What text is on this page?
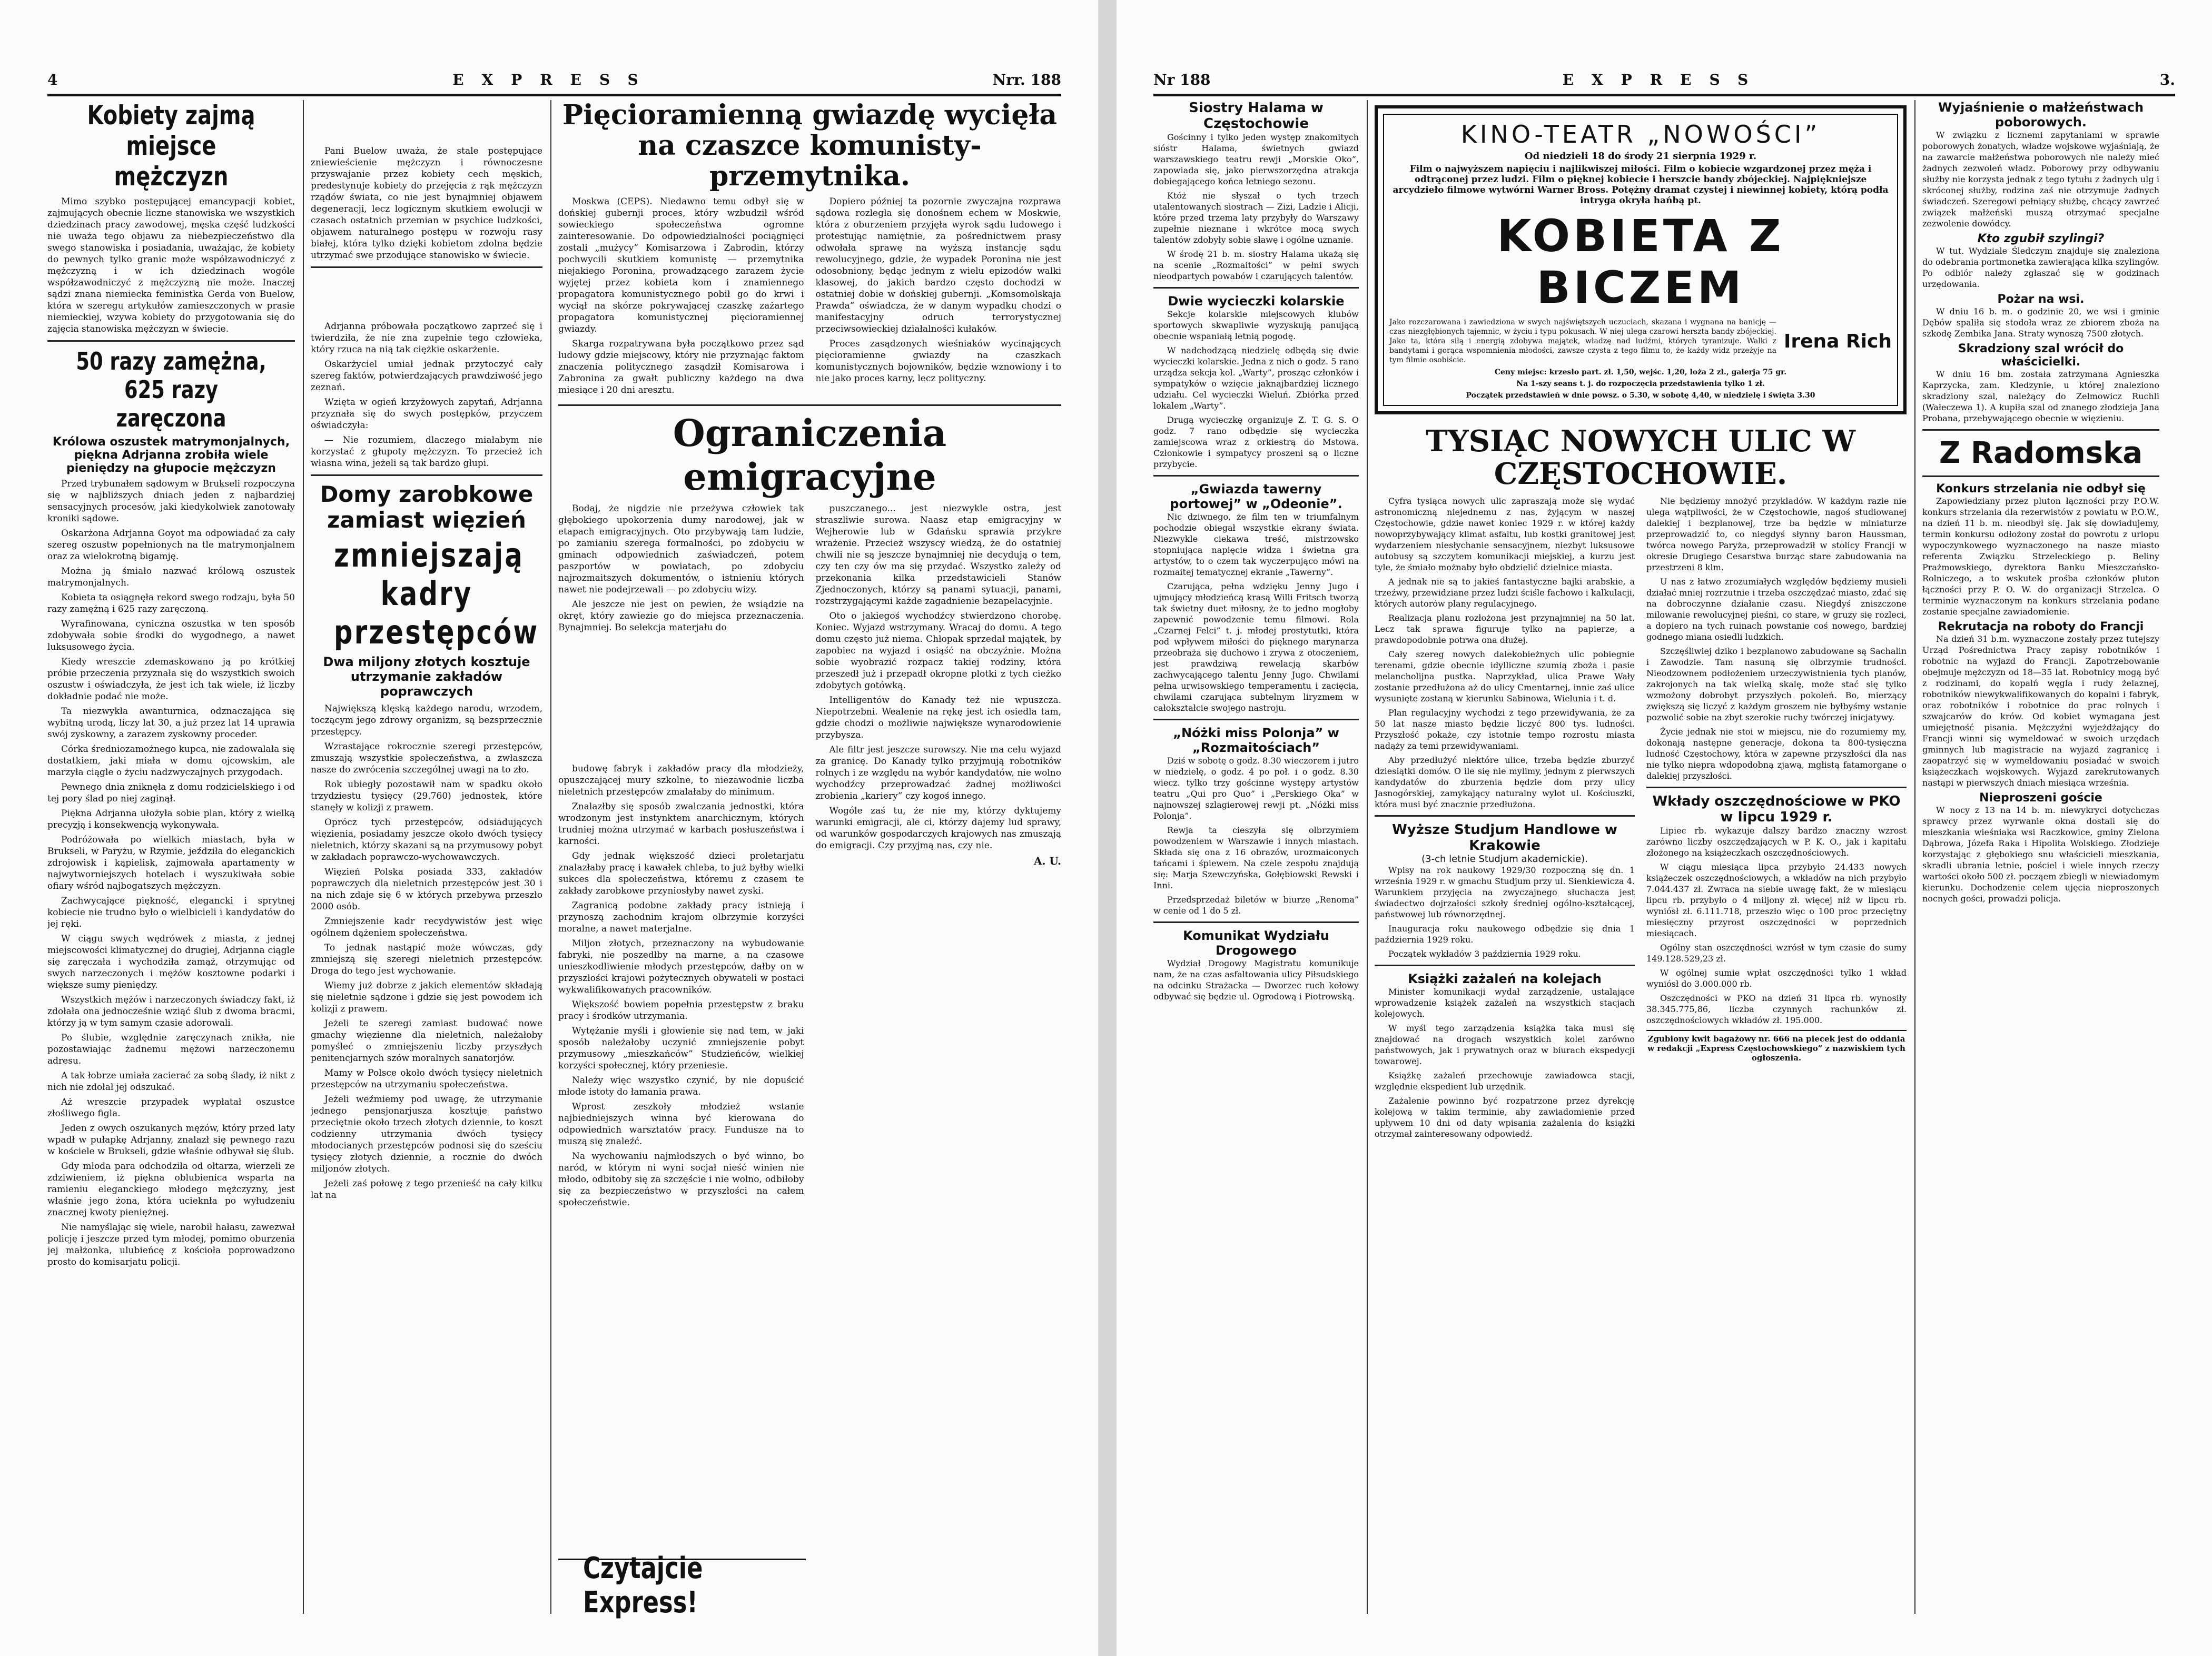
4	EXPRESS	Nrr. 188
Kobiety zajmą miejsce mężczyzn

Mimo szybko postępującej emancypacji kobiet, zajmujących obecnie liczne stanowiska we wszystkich dziedzinach pracy zawodowej, męska część ludzkości nie uważa tego objawu za niebezpieczeństwo dla swego stanowiska i posiadania, uważając, że kobiety do pewnych tylko granic może współzawodniczyć z mężczyzną i w ich dziedzinach wogóle współzawodniczyć z mężczyzną nie może. Inaczej sądzi znana niemiecka feministka Gerda von Buelow, która w szeregu artykułów zamieszczonych w prasie niemieckiej, wzywa kobiety do przygotowania się do zajęcia stanowiska mężczyzn w świecie.

50 razy zamężna, 625 razy zaręczona
Królowa oszustek matrymonjalnych, piękna Adrjanna zrobiła wiele pieniędzy na głupocie mężczyzn

Przed trybunałem sądowym w Brukseli rozpoczyna się w najbliższych dniach jeden z najbardziej sensacyjnych procesów, jaki kiedykolwiek zanotowały kroniki sądowe.

Oskarżona Adrjanna Goyot ma odpowiadać za cały szereg oszustw popełnionych na tle matrymonjalnem oraz za wielokrotną bigamję.

Można ją śmiało nazwać królową oszustek matrymonjalnych.

Kobieta ta osiągnęła rekord swego rodzaju, była 50 razy zamężną i 625 razy zaręczoną.

Wyrafinowana, cyniczna oszustka w ten sposób zdobywała sobie środki do wygodnego, a nawet luksusowego życia.

Kiedy wreszcie zdemaskowano ją po krótkiej próbie przeczenia przyznała się do wszystkich swoich oszustw i oświadczyła, że jest ich tak wiele, iż liczby dokładnie podać nie może.

Ta niezwykła awanturnica, odznaczająca się wybitną urodą, liczy lat 30, a już przez lat 14 uprawia swój zyskowny, a zarazem zyskowny proceder.

Córka średniozamożnego kupca, nie zadowalała się dostatkiem, jaki miała w domu ojcowskim, ale marzyła ciągle o życiu nadzwyczajnych przygodach.

Pewnego dnia zniknęła z domu rodzicielskiego i od tej pory ślad po niej zaginął.

Piękna Adrjanna ułożyła sobie plan, który z wielką precyzją i konsekwencją wykonywała.

Podróżowała po wielkich miastach, była w Brukseli, w Paryżu, w Rzymie, jeździła do eleganckich zdrojowisk i kąpielisk, zajmowała apartamenty w najwytworniejszych hotelach i wyszukiwała sobie ofiary wśród najbogatszych mężczyzn.

Zachwycające piękność, elegancki i sprytnej kobiecie nie trudno było o wielbicieli i kandydatów do jej ręki.

W ciągu swych wędrówek z miasta, z jednej miejscowości klimatycznej do drugiej, Adrjanna ciągle się zaręczała i wychodziła zamąż, otrzymując od swych narzeczonych i mężów kosztowne podarki i większe sumy pieniędzy.

Wszystkich mężów i narzeczonych świadczy fakt, iż zdołała ona jednocześnie wziąć ślub z dwoma bracmi, którzy ją w tym samym czasie adorowali.

Po ślubie, względnie zaręczynach znikła, nie pozostawiając żadnemu mężowi narzeczonemu adresu.

A tak łobrze umiała zacierać za sobą ślady, iż nikt z nich nie zdołał jej odszukać.

Aż wreszcie przypadek wypłatał oszustce złośliwego figla.

Jeden z owych oszukanych mężów, który przed laty wpadł w pułapkę Adrjanny, znalazł się pewnego razu w kościele w Brukseli, gdzie właśnie odbywał się ślub.

Gdy młoda para odchodziła od ołtarza, wierzeli ze zdziwieniem, iż piękna oblubienica wsparta na ramieniu eleganckiego młodego mężczyzny, jest właśnie jego żona, która ucieknła po wyłudzeniu znacznej kwoty pieniężnej.

Nie namyślając się wiele, narobił hałasu, zawezwał policję i jeszcze przed tym młodej, pomimo oburzenia jej małżonka, ulubieńcę z kościoła poprowadzono prosto do komisarjatu policji.

Pani Buelow uważa, że stale postępujące zniewieścienie mężczyzn i równoczesne przyswajanie przez kobiety cech męskich, predestynuje kobiety do przejęcia z rąk mężczyzn rządów świata, co nie jest bynajmniej objawem degeneracji, lecz logicznym skutkiem ewolucji w czasach ostatnich przemian w psychice ludzkości, objawem naturalnego postępu w rozwoju rasy białej, która tylko dzięki kobietom zdolna będzie utrzymać swe przodujące stanowisko w świecie.

Adrjanna próbowała początkowo zaprzeć się i twierdziła, że nie zna zupełnie tego człowieka, który rzuca na nią tak ciężkie oskarżenie.

Oskarżyciel umiał jednak przytoczyć cały szereg faktów, potwierdzających prawdziwość jego zeznań.

Wzięta w ogień krzyżowych zapytań, Adrjanna przyznała się do swych postępków, przyczem oświadczyła:

— Nie rozumiem, dlaczego miałabym nie korzystać z głupoty mężczyzn. To przecież ich własna wina, jeżeli są tak bardzo głupi.

Domy zarobkowe zamiast więzień
zmniejszają kadry przestępców
Dwa miljony złotych kosztuje utrzymanie zakładów poprawczych

Największą klęską każdego narodu, wrzodem, toczącym jego zdrowy organizm, są bezsprzecznie przestępcy.

Wzrastające rokrocznie szeregi przestępców, zmuszają wszystkie społeczeństwa, a zwłaszcza nasze do zwrócenia szczególnej uwagi na to zło.

Rok ubiegły pozostawił nam w spadku około trzydziestu tysięcy (29.760) jednostek, które stanęły w kolizji z prawem.

Oprócz tych przestępców, odsiadujących więzienia, posiadamy jeszcze około dwóch tysięcy nieletnich, którzy skazani są na przymusowy pobyt w zakładach poprawczo-wychowawczych.

Więzień Polska posiada 333, zakładów poprawczych dla nieletnich przestępców jest 30 i na nich zdaje się 6 w których przebywa przeszło 2000 osób.

Zmniejszenie kadr recydywistów jest więc ogólnem dążeniem społeczeństwa.

To jednak nastąpić może wówczas, gdy zmniejszą się szeregi nieletnich przestępców. Droga do tego jest wychowanie.

Wiemy już dobrze z jakich elementów składają się nieletnie sądzone i gdzie się jest powodem ich kolizji z prawem.

Jeżeli te szeregi zamiast budować nowe gmachy więzienne dla nieletnich, należałoby pomyśleć o zmniejszeniu liczby przyszłych penitencjarnych szów moralnych sanatorjów.

Mamy w Polsce około dwóch tysięcy nieletnich przestępców na utrzymaniu społeczeństwa.

Jeżeli weźmiemy pod uwagę, że utrzymanie jednego pensjonarjusza kosztuje państwo przeciętnie około trzech złotych dziennie, to koszt codzienny utrzymania dwóch tysięcy młodocianych przestępców podnosi się do sześciu tysięcy złotych dziennie, a rocznie do dwóch miljonów złotych.

Jeżeli zaś połowę z tego przenieść na cały kilku lat na

Pięcioramienną gwiazdę wycięła na czaszce komunisty-przemytnika.

Moskwa (CEPS). Niedawno temu odbył się w dońskiej gubernji proces, który wzbudził wśród sowieckiego społeczeństwa ogromne zainteresowanie. Do odpowiedzialności pociągnięci zostali „mużycy” Komisarzowa i Zabrodin, którzy pochwycili skutkiem komunistę — przemytnika niejakiego Poronina, prowadzącego zarazem życie wyjętej przez kobieta kom i znamiennego propagatora komunistycznego pobił go do krwi i wyciął na skórze pokrywającej czaszkę zażartego propagatora komunistycznej pięcioramiennej gwiazdy.

Skarga rozpatrywana była początkowo przez sąd ludowy gdzie miejscowy, który nie przyznając faktom znaczenia politycznego zasądził Komisarowa i Zabronina za gwałt publiczny każdego na dwa miesiące i 20 dni aresztu.

Dopiero później ta pozornie zwyczajna rozprawa sądowa rozległa się donośnem echem w Moskwie, która z oburzeniem przyjęła wyrok sądu ludowego i protestując namiętnie, za pośrednictwem prasy odwołała sprawę na wyższą instancję sądu rewolucyjnego, gdzie, że wypadek Poronina nie jest odosobniony, będąc jednym z wielu epizodów walki klasowej, do jakich bardzo często dochodzi w ostatniej dobie w dońskiej gubernji. „Komsomolskaja Prawda” oświadcza, że w danym wypadku chodzi o manifestacyjny odruch terrorystycznej przeciwsowieckiej działalności kułaków.

Proces zasądzonych wieśniaków wycinających pięcioramienne gwiazdy na czaszkach komunistycznych bojowników, będzie wznowiony i to nie jako proces karny, lecz polityczny.

Ograniczenia emigracyjne

Bodaj, że nigdzie nie przeżywa człowiek tak głębokiego upokorzenia dumy narodowej, jak w etapach emigracyjnych. Oto przybywają tam ludzie, po zamianiu szerega formalności, po zdobyciu w gminach odpowiednich zaświadczeń, potem paszportów w powiatach, po zdobyciu najrozmaitszych dokumentów, o istnieniu których nawet nie podejrzewali — po zdobyciu wizy.

Ale jeszcze nie jest on pewien, że wsiądzie na okręt, który zawiezie go do miejsca przeznaczenia. Bynajmniej. Bo selekcja materjału do

budowę fabryk i zakładów pracy dla młodzieży, opuszczającej mury szkolne, to niezawodnie liczba nieletnich przestępców zmalałaby do minimum.

Znalazłby się sposób zwalczania jednostki, która wrodzonym jest instynktem anarchicznym, których trudniej można utrzymać w karbach posłuszeństwa i karności.

Gdy jednak większość dzieci proletarjatu znalazłaby pracę i kawałek chleba, to już byłby wielki sukces dla społeczeństwa, któremu z czasem te zakłady zarobkowe przyniosłyby nawet zyski.

Zagranicą podobne zakłady pracy istnieją i przynoszą zachodnim krajom olbrzymie korzyści moralne, a nawet materjalne.

Miljon złotych, przeznaczony na wybudowanie fabryki, nie poszedłby na marne, a na czasowe unieszkodliwienie młodych przestępców, dałby on w przyszłości krajowi pożytecznych obywateli w postaci wykwalifikowanych pracowników.

Większość bowiem popełnia przestępstw z braku pracy i środków utrzymania.

Wytężanie myśli i głowienie się nad tem, w jaki sposób należałoby uczynić zmniejszenie pobyt przymusowy „mieszkańców” Studzieńców, wielkiej korzyści społecznej, który przeniesie.

Należy więc wszystko czynić, by nie dopuścić młode istoty do łamania prawa.

Wprost zeszkoły młodzież wstanie najbiedniejszych winna być kierowana do odpowiednich warsztatów pracy. Fundusze na to muszą się znaleźć.

Na wychowaniu najmłodszych o być winno, bo naród, w którym ni wyni socjał nieść winien nie młodo, odbitoby się za szczęście i nie wolno, odbiłoby się za bezpieczeństwo w przyszłości na całem społeczeństwie.

puszczanego... jest niezwykle ostra, jest straszliwie surowa. Naasz etap emigracyjny w Wejherowie lub w Gdańsku sprawia przykre wrażenie. Przecież wszyscy wiedzą, że do ostatniej chwili nie są jeszcze bynajmniej nie decydują o tem, czy ten czy ów ma się przydać. Wszystko zależy od przekonania kilka przedstawicieli Stanów Zjednoczonych, którzy są panami sytuacji, panami, rozstrzygającymi każde zagadnienie bezapelacyjnie.

Oto o jakiegoś wychodźcy stwierdzono chorobę. Koniec. Wyjazd wstrzymany. Wracaj do domu. A tego domu często już niema. Chłopak sprzedał majątek, by zapobiec na wyjazd i osiąść na obczyźnie. Można sobie wyobrazić rozpacz takiej rodziny, która przeszedł już i przepadł okropne plotki z tych cieżko zdobytych gotówką.

Intelligentów do Kanady też nie wpuszcza. Niepotrzebni. Wealenie na rękę jest ich osiedla tam, gdzie chodzi o możliwie największe wynarodowienie przybysza.

Ale filtr jest jeszcze surowszy. Nie ma celu wyjazd za granicę. Do Kanady tylko przyjmują robotników rolnych i ze względu na wybór kandydatów, nie wolno wychodźcy przeprowadzać żadnej możliwości zrobienia „kariery” czy kogoś innego.

Wogóle zaś tu, że nie my, którzy dyktujemy warunki emigracji, ale ci, którzy dajemy lud sprawy, od warunków gospodarczych krajowych nas zmuszają do emigracji. Czy przyjmą nas, czy nie.

A. U.
Czytajcie Express!
Nr 188	EXPRESS	3.
Siostry Halama w Częstochowie

Gościnny i tylko jeden występ znakomitych sióstr Halama, świetnych gwiazd warszawskiego teatru rewji „Morskie Oko”, zapowiada się, jako pierwszorzędna atrakcja dobiegającego końca letniego sezonu.

Któż nie słyszał o tych trzech utalentowanych siostrach — Zizi, Ladzie i Alicji, które przed trzema laty przybyły do Warszawy zupełnie nieznane i wkrótce mocą swych talentów zdobyły sobie sławę i ogólne uznanie.

W środę 21 b. m. siostry Halama ukażą się na scenie „Rozmaitości” w pełni swych nieodpartych powabów i czarujących talentów.

Dwie wycieczki kolarskie

Sekcje kolarskie miejscowych klubów sportowych skwapliwie wyzyskują panującą obecnie wspaniałą letnią pogodę.

W nadchodzącą niedzielę odbędą się dwie wycieczki kolarskie. Jedna z nich o godz. 5 rano urządza sekcja kol. „Warty”, prosząc członków i sympatyków o wzięcie jaknajbardziej licznego udziału. Cel wycieczki Wieluń. Zbiórka przed lokalem „Warty”.

Drugą wycieczkę organizuje Z. T. G. S. O godz. 7 rano odbędzie się wycieczka zamiejscowa wraz z orkiestrą do Mstowa. Członkowie i sympatycy proszeni są o liczne przybycie.

„Gwiazda tawerny portowej” w „Odeonie”.

Nic dziwnego, że film ten w triumfalnym pochodzie obiegał wszystkie ekrany świata. Niezwykle ciekawa treść, mistrzowsko stopniująca napięcie widza i świetna gra artystów, to o czem tak wyczerpująco mówi na rozmaitej tematycznej ekranie „Tawerny”.

Czarująca, pełna wdzięku Jenny Jugo i ujmujący młodzieńcą krasą Willi Fritsch tworzą tak świetny duet miłosny, że to jedno mogłoby zapewnić powodzenie temu filmowi. Rola „Czarnej Felci” t. j. młodej prostytutki, która pod wpływem miłości do pięknego marynarza przeobraża się duchowo i zrywa z otoczeniem, jest prawdziwą rewelacją skarbów zachwycającego talentu Jenny Jugo. Chwilami pełna urwisowskiego temperamentu i zacięcia, chwilami czarująca subtelnym liryzmem w całokształcie swojego nastroju.

„Nóżki miss Polonja” w „Rozmaitościach”

Dziś w sobotę o godz. 8.30 wieczorem i jutro w niedzielę, o godz. 4 po poł. i o godz. 8.30 wiecz. tylko trzy gościnne występy artystów teatru „Qui pro Quo” i „Perskiego Oka” w najnowszej szlagierowej rewji pt. „Nóżki miss Polonja”.

Rewja ta cieszyła się olbrzymiem powodzeniem w Warszawie i innych miastach. Składa się ona z 16 obrazów, urozmaiconych tańcami i śpiewem. Na czele zespołu znajdują się: Marja Szewczyńska, Gołębiowski Rewski i Inni.

Przedsprzedaż biletów w biurze „Renoma” w cenie od 1 do 5 zł.

Komunikat Wydziału Drogowego

Wydział Drogowy Magistratu komunikuje nam, że na czas asfaltowania ulicy Piłsudskiego na odcinku Strażacka — Dworzec ruch kołowy odbywać się będzie ul. Ogrodową i Piotrowską.

KINO-TEATR „NOWOŚCI”
Od niedzieli 18 do środy 21 sierpnia 1929 r.
Film o najwyższem napięciu i najlikwiszej miłości. Film o kobiecie wzgardzonej przez męża i odtrąconej przez ludzi. Film o pięknej kobiecie i herszcie bandy zbójeckiej. Najpiękniejsze arcydzieło filmowe wytwórni Warner Bross. Potężny dramat czystej i niewinnej kobiety, którą podła intryga okryła hańbą pt.
KOBIETA Z BICZEM
Jako rozczarowana i zawiedziona w swych najświętszych uczuciach, skazana i wygnana na banicję — czas niezgłębionych tajemnic, w życiu i typu pokusach. W niej ulega czarowi herszta bandy zbójeckiej. Jako ta, która siłą i energią zdobywa majątek, władzę nad ludźmi, których tyranizuje. Walki z bandytami i gorąca wspomnienia młodości, zawsze czysta z tego filmu to, że każdy widz przeżyje na tym filmie osobiście.
Irena Rich
Ceny miejsc: krzesło part. zł. 1,50, wejśc. 1,20, loża 2 zł., galerja 75 gr.
Na 1-szy seans t. j. do rozpoczęcia przedstawienia tylko 1 zł.
Początek przedstawień w dnie powsz. o 5.30, w sobotę 4,40, w niedzielę i święta 3.30
TYSIĄC NOWYCH ULIC W CZĘSTOCHOWIE.

Cyfra tysiąca nowych ulic zapraszają może się wydać astronomiczną niejednemu z nas, żyjącym w naszej Częstochowie, gdzie nawet koniec 1929 r. w której każdy nowoprzybywający klimat asfaltu, lub kostki granitowej jest wydarzeniem niesłychanie sensacyjnem, niezbyt luksusowe autobusy są szczytem komunikacji miejskiej, a kurzu jest tyle, że śmiało możnaby było obdzielić dzielnice miasta.

A jednak nie są to jakieś fantastyczne bajki arabskie, a trzeźwy, przewidziane przez ludzi ściśle fachowo i kalkulacji, których autorów plany regulacyjnego.

Realizacja planu rozłożona jest przynajmniej na 50 lat. Lecz tak sprawa figuruje tylko na papierze, a prawdopodobnie potrwa ona dłużej.

Cały szereg nowych dalekobieżnych ulic pobiegnie terenami, gdzie obecnie idylliczne szumią zboża i pasie melancholijna pustka. Naprzykład, ulica Prawe Wały zostanie przedłużona aż do ulicy Cmentarnej, innie zaś ulice wysunięte zostaną w kierunku Sabinowa, Wielunia i t. d.

Plan regulacyjny wychodzi z tego przewidywania, że za 50 lat nasze miasto będzie liczyć 800 tys. ludności. Przyszłość pokaże, czy istotnie tempo rozrostu miasta nadąży za temi przewidywaniami.

Aby przedłużyć niektóre ulice, trzeba będzie zburzyć dziesiątki domów. O ile się nie mylimy, jednym z pierwszych kandydatów do zburzenia będzie dom przy ulicy Jasnogórskiej, zamykający naturalny wylot ul. Kościuszki, która musi być znacznie przedłużona.

Wyższe Studjum Handlowe w Krakowie
(3-ch letnie Studjum akademickie).

Wpisy na rok naukowy 1929/30 rozpoczną się dn. 1 września 1929 r. w gmachu Studjum przy ul. Sienkiewicza 4. Warunkiem przyjęcia na zwyczajnego słuchacza jest świadectwo dojrzałości szkoły średniej ogólno-kształcącej, państwowej lub równorzędnej.

Inauguracja roku naukowego odbędzie się dnia 1 październia 1929 roku.

Początek wykładów 3 październia 1929 roku.

Książki zażaleń na kolejach

Minister komunikacji wydał zarządzenie, ustalające wprowadzenie książek zażaleń na wszystkich stacjach kolejowych.

W myśl tego zarządzenia książka taka musi się znajdować na drogach wszystkich kolei zarówno państwowych, jak i prywatnych oraz w biurach ekspedycji towarowej.

Książkę zażaleń przechowuje zawiadowca stacji, względnie ekspedient lub urzędnik.

Zażalenie powinno być rozpatrzone przez dyrekcję kolejową w takim terminie, aby zawiadomienie przed upływem 10 dni od daty wpisania zażalenia do książki otrzymał zainteresowany odpowiedź.

Nie będziemy mnożyć przykładów. W każdym razie nie ulega wątpliwości, że w Częstochowie, nagoś studiowanej dalekiej i bezplanowej, trze ba będzie w miniaturze przeprowadzić to, co niegdyś słynny baron Haussman, twórca nowego Paryża, przeprowadził w stolicy Francji w okresie Drugiego Cesarstwa burząc stare zabudowania na przestrzeni 8 klm.

U nas z łatwo zrozumiałych względów będziemy musieli działać mniej rozrzutnie i trzeba oszczędzać miasto, zdać się na dobroczynne działanie czasu. Niegdyś zniszczone milowanie rewolucyjnej pieśni, co stare, w gruzy się rozleci, a dopiero na tych ruinach powstanie coś nowego, bardziej godnego miana osiedli ludzkich.

Szczęśliwiej dziko i bezplanowo zabudowane są Sachalin i Zawodzie. Tam nasuną się olbrzymie trudności. Nieodzownem podłożeniem urzeczywistnienia tych planów, zakrojonych na tak wielką skalę, może stać się tylko wzmożony dobrobyt przyszłych pokoleń. Bo, mierzący zwiększą się liczyć z każdym groszem nie byłbyśmy wstanie pozwolić sobie na zbyt szerokie ruchy twórczej inicjatywy.

Życie jednak nie stoi w miejscu, nie do rozumiemy my, dokonają następne generacje, dokona ta 800-tysięczna ludność Częstochowy, która w zapewne przyszłości dla nas nie tylko niepra wdopodobną zjawą, mgłistą fatamorgane o dalekiej przyszłości.

Wkłady oszczędnościowe w PKO w lipcu 1929 r.

Lipiec rb. wykazuje dalszy bardzo znaczny wzrost zarówno liczby oszczędzających w P. K. O., jak i kapitału złożonego na książeczkach oszczędnościowych.

W ciągu miesiąca lipca przybyło 24.433 nowych książeczek oszczędnościowych, a wkładów na nich przybyło 7.044.437 zł. Zwraca na siebie uwagę fakt, że w miesiącu lipcu rb. przybyło o 4 miljony zł. więcej niż w lipcu rb. wyniósł zł. 6.111.718, przeszło więc o 100 proc przeciętny miesięczny przyrost oszczędności w poprzednich miesiącach.

Ogólny stan oszczędności wzrósł w tym czasie do sumy 149.128.529,23 zł.

W ogólnej sumie wpłat oszczędności tylko 1 wkład wyniósł do 3.000.000 rb.

Oszczędności w PKO na dzień 31 lipca rb. wynosiły 38.345.775,86, liczba czynnych rachunków zł. oszczędnościowych wkładów zł. 195.000.

Zgubiony kwit bagażowy nr. 666 na piecek jest do oddania w redakcji „Express Częstochowskiego” z nazwiskiem tych ogłoszenia.
Wyjaśnienie o małżeństwach poborowych.

W związku z licznemi zapytaniami w sprawie poborowych żonatych, władze wojskowe wyjaśniają, że na zawarcie małżeństwa poborowych nie należy mieć żadnych zezwoleń władz. Poborowy przy odbywaniu służby nie korzysta jednak z tego tytułu z żadnych ulg i skróconej służby, rodzina zaś nie otrzymuje żadnych świadczeń. Szeregowi pełniący służbę, chcący zawrzeć związek małżeński muszą otrzymać specjalne zezwolenie dowódcy.

Kto zgubił szylingi?

W tut. Wydziale Śledczym znajduje się znaleziona do odebrania portmonetka zawierająca kilka szylingów. Po odbiór należy zgłaszać się w godzinach urzędowania.

Pożar na wsi.

W dniu 16 b. m. o godzinie 20, we wsi i gminie Dębów spaliła się stodoła wraz ze zbiorem zboża na szkodę Zembika Jana. Straty wynoszą 7500 złotych.

Skradziony szal wrócił do właścicielki.

W dniu 16 bm. została zatrzymana Agnieszka Kaprzycka, zam. Kledzynie, u której znaleziono skradziony szal, należący do Zelmowicz Ruchli (Wałeczewa 1). A kupiła szal od znanego złodzieja Jana Probana, przebywającego obecnie w więzieniu.

Z Radomska
Konkurs strzelania nie odbył się

Zapowiedziany przez pluton łączności przy P.O.W. konkurs strzelania dla rezerwistów z powiatu w P.O.W., na dzień 11 b. m. nieodbył się. Jak się dowiadujemy, termin konkursu odłożony został do powrotu z urlopu wypoczynkowego wyznaczonego na nasze miasto referenta Związku Strzeleckiego p. Beliny Prażmowskiego, dyrektora Banku Mieszczańsko-Rolniczego, a to wskutek prośba członków pluton łączności przy P. O. W. do organizacji Strzelca. O terminie wyznaczonym na konkurs strzelania podane zostanie specjalne zawiadomienie.

Rekrutacja na roboty do Francji

Na dzień 31 b.m. wyznaczone zostały przez tutejszy Urząd Pośrednictwa Pracy zapisy robotników i robotnic na wyjazd do Francji. Zapotrzebowanie obejmuje mężczyzn od 18—35 lat. Robotnicy mogą być z rodzinami, do kopalń węgla i rudy żelaznej, robotników niewykwalifikowanych do kopalni i fabryk, oraz robotników i robotnice do prac rolnych i szwajcarów do krów. Od kobiet wymagana jest umiejętność pisania. Mężczyźni wyjeżdżający do Francji winni się wymeldować w swoich urzędach gminnych lub magistracie na wyjazd zagranicę i zaopatrzyć się w wymeldowaniu posiadać w swoich książeczkach wojskowych. Wyjazd zarekrutowanych nastąpi w pierwszych dniach miesiąca września.

Nieproszeni goście

W nocy z 13 na 14 b. m. niewykryci dotychczas sprawcy przez wyrwanie okna dostali się do mieszkania wieśniaka wsi Raczkowice, gminy Zielona Dąbrowa, Józefa Raka i Hipolita Wolskiego. Złodzieje korzystając z głębokiego snu właścicieli mieszkania, skradli ubrania letnie, pościel i wiele innych rzeczy wartości około 500 zł. począem zbiegli w niewiadomym kierunku. Dochodzenie celem ujęcia nieproszonych nocnych gości, prowadzi policja.
